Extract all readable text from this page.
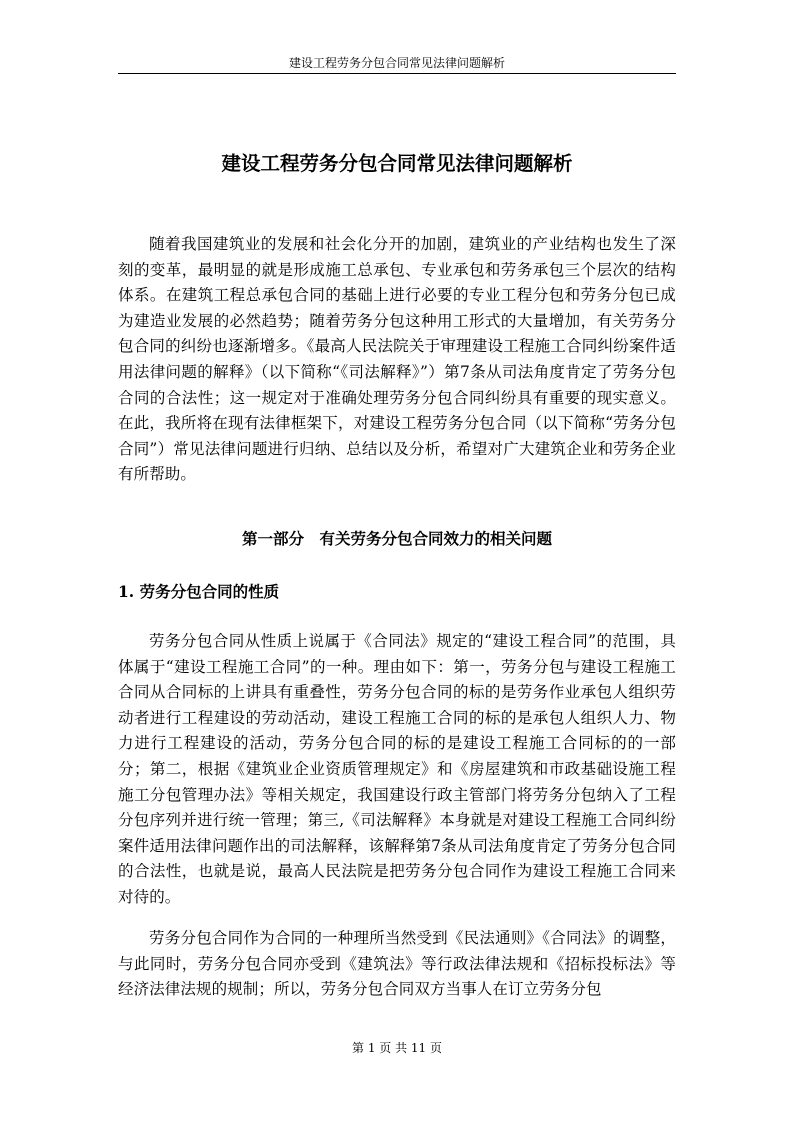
建设工程劳务分包合同常见法律问题解析
建设工程劳务分包合同常见法律问题解析

随着我国建筑业的发展和社会化分开的加剧，建筑业的产业结构也发生了深刻的变革，最明显的就是形成施工总承包、专业承包和劳务承包三个层次的结构体系。在建筑工程总承包合同的基础上进行必要的专业工程分包和劳务分包已成为建造业发展的必然趋势；随着劳务分包这种用工形式的大量增加，有关劳务分包合同的纠纷也逐渐增多。《最高人民法院关于审理建设工程施工合同纠纷案件适用法律问题的解释》（以下简称“《司法解释》”）第7条从司法角度肯定了劳务分包合同的合法性；这一规定对于准确处理劳务分包合同纠纷具有重要的现实意义。在此，我所将在现有法律框架下，对建设工程劳务分包合同（以下简称“劳务分包合同”）常见法律问题进行归纳、总结以及分析，希望对广大建筑企业和劳务企业有所帮助。

第一部分　有关劳务分包合同效力的相关问题
1. 劳务分包合同的性质

劳务分包合同从性质上说属于《合同法》规定的“建设工程合同”的范围，具体属于“建设工程施工合同”的一种。理由如下：第一，劳务分包与建设工程施工合同从合同标的上讲具有重叠性，劳务分包合同的标的是劳务作业承包人组织劳动者进行工程建设的劳动活动，建设工程施工合同的标的是承包人组织人力、物力进行工程建设的活动，劳务分包合同的标的是建设工程施工合同标的的一部分；第二，根据《建筑业企业资质管理规定》和《房屋建筑和市政基础设施工程施工分包管理办法》等相关规定，我国建设行政主管部门将劳务分包纳入了工程分包序列并进行统一管理；第三,《司法解释》本身就是对建设工程施工合同纠纷案件适用法律问题作出的司法解释，该解释第7条从司法角度肯定了劳务分包合同的合法性，也就是说，最高人民法院是把劳务分包合同作为建设工程施工合同来对待的。

劳务分包合同作为合同的一种理所当然受到《民法通则》《合同法》的调整，与此同时，劳务分包合同亦受到《建筑法》等行政法律法规和《招标投标法》等经济法律法规的规制；所以，劳务分包合同双方当事人在订立劳务分包

第 1 页 共 11 页
